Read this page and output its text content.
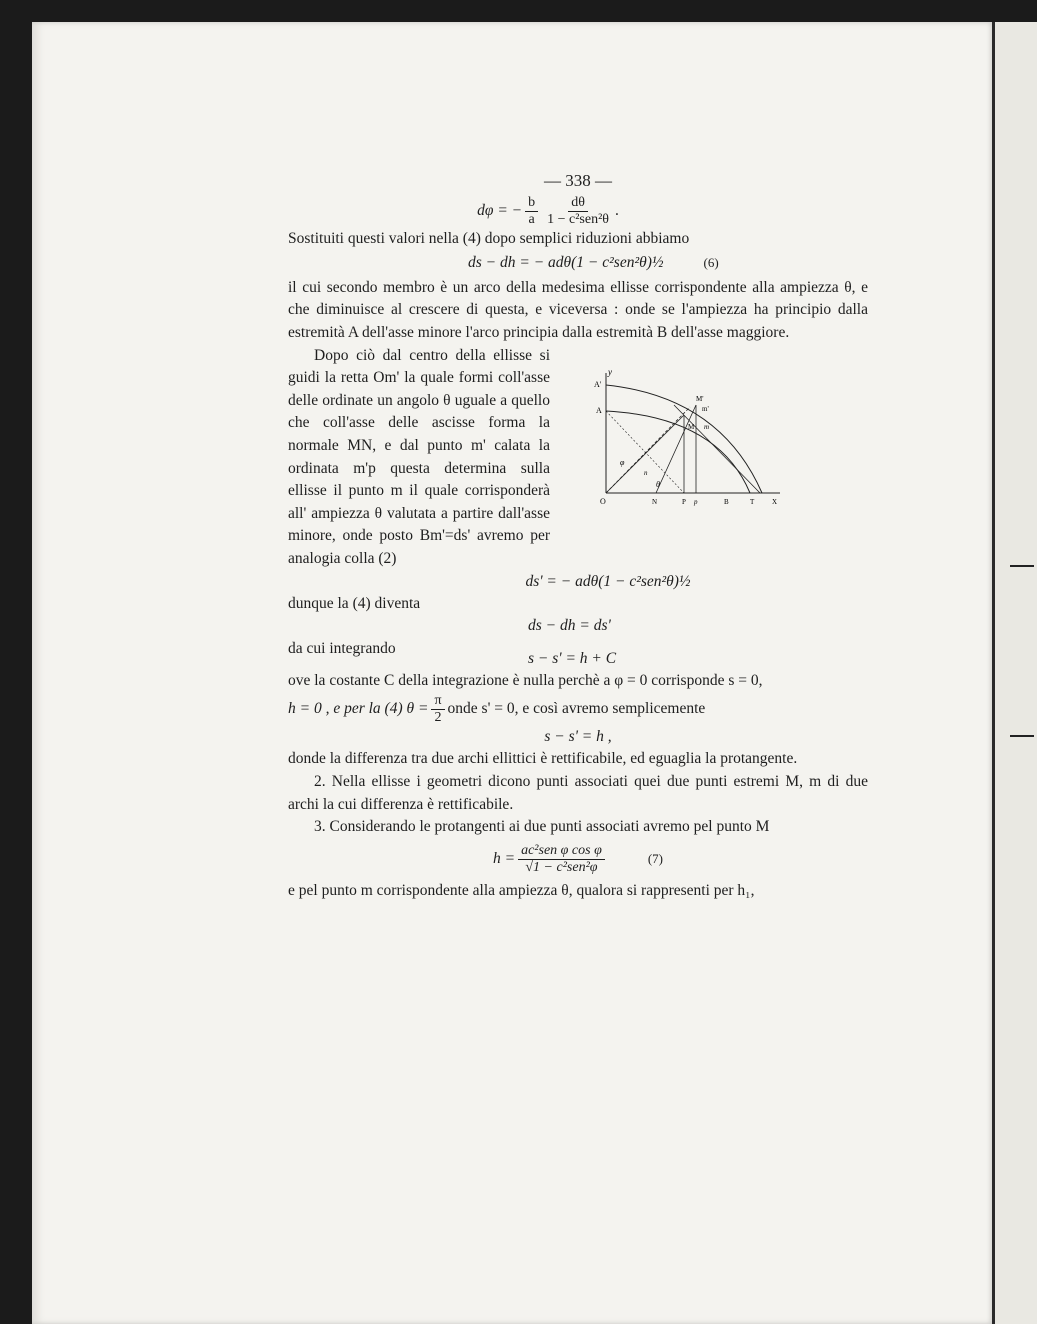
— 338 —
dφ = − $\frac{b}{a} \frac{d\theta}{\text{1 − c²sen²θ}}$ .

Sostituiti questi valori nella (4) dopo semplici riduzioni abbiamo

ds − dh = − adθ(1 − c²sen²θ)½	(6)

il cui secondo membro è un arco della medesima ellisse corrispondente alla ampiezza θ, e che diminuisce al crescere di questa, e viceversa : onde se l'ampiezza ha principio dalla estremità A dell'asse minore l'arco principia dalla estremità B dell'asse maggiore.

Dopo ciò dal centro della ellisse si guidi la retta Om' la quale formi coll'asse delle ordinate un angolo θ uguale a quello che coll'asse delle ascisse forma la normale MN, e dal punto m' calata la ordinata m'p questa determina sulla ellisse il punto m il quale corrisponderà all' ampiezza θ valutata a partire dall'asse minore, onde posto Bm'=ds' avremo per analogia colla (2)

y
A'
A
M'
m'
M m
φ
θ
n
O	N	P p	B	T	X
ds' = − adθ(1 − c²sen²θ)½
dunque la (4) diventa
ds − dh = ds'
da cui integrando
s − s' = h + C

ove la costante C della integrazione è nulla perchè a φ = 0 corrisponde s = 0,

h = 0 , e per la (4) $\theta = \frac{\pi}{2}$ onde s' = 0, e così avremo semplicemente
s − s' = h ,

donde la differenza tra due archi ellittici è rettificabile, ed eguaglia la protangente.

2. Nella ellisse i geometri dicono punti associati quei due punti estremi M, m di due archi la cui differenza è rettificabile.

3. Considerando le protangenti ai due punti associati avremo pel punto M

$h = \frac{\text{ac²sen φ cos φ}}{\text{√1 − c²sen²φ}}$	(7)

e pel punto m corrispondente alla ampiezza θ, qualora si rappresenti per h₁,
